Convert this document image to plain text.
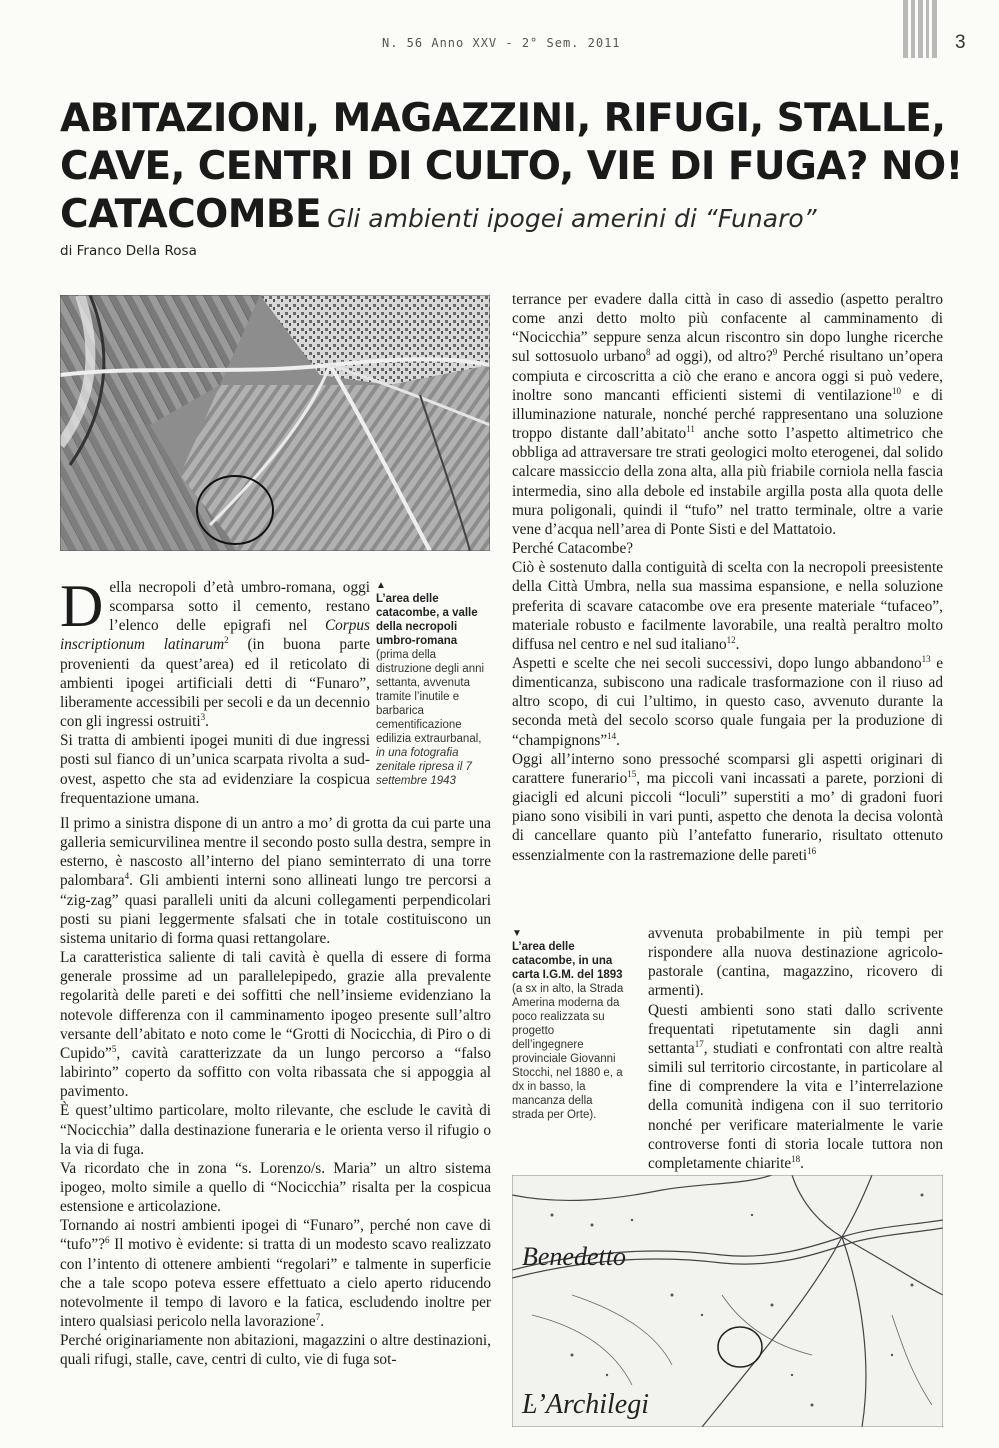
N. 56 Anno XXV - 2° Sem. 2011	3
ABITAZIONI, MAGAZZINI, RIFUGI, STALLE,
CAVE, CENTRI DI CULTO, VIE DI FUGA? NO!
CATACOMBE Gli ambienti ipogei amerini di “Funaro”
di Franco Della Rosa
▲
L’area delle catacombe, a valle della necropoli umbro-romana (prima della distruzione degli anni settanta, avvenuta tramite l’inutile e barbarica cementificazione edilizia extraurbanal, in una fotografia zenitale ripresa il 7 settembre 1943

Della necropoli d’età umbro-romana, oggi scomparsa sotto il cemento, restano l’elenco delle epigrafi nel Corpus inscriptionum latinarum$^2$ (in buona parte provenienti da quest’area) ed il reticolato di ambienti ipogei artificiali detti di “Funaro”, liberamente accessibili per secoli e da un decennio con gli ingressi ostruiti$^3$.

Si tratta di ambienti ipogei muniti di due ingressi posti sul fianco di un’unica scarpata rivolta a sud-ovest, aspetto che sta ad evidenziare la cospicua frequentazione umana.

Il primo a sinistra dispone di un antro a mo’ di grotta da cui parte una galleria semicurvilinea mentre il secondo posto sulla destra, sempre in esterno, è nascosto all’interno del piano seminterrato di una torre palombara$^4$. Gli ambienti interni sono allineati lungo tre percorsi a “zig-zag” quasi paralleli uniti da alcuni collegamenti perpendicolari posti su piani leggermente sfalsati che in totale costituiscono un sistema unitario di forma quasi rettangolare.

La caratteristica saliente di tali cavità è quella di essere di forma generale prossime ad un parallelepipedo, grazie alla prevalente regolarità delle pareti e dei soffitti che nell’insieme evidenziano la notevole differenza con il camminamento ipogeo presente sull’altro versante dell’abitato e noto come le “Grotti di Nocicchia, di Piro o di Cupido”$^5$, cavità caratterizzate da un lungo percorso a “falso labirinto” coperto da soffitto con volta ribassata che si appoggia al pavimento.

È quest’ultimo particolare, molto rilevante, che esclude le cavità di “Nocicchia” dalla destinazione funeraria e le orienta verso il rifugio o la via di fuga.

Va ricordato che in zona “s. Lorenzo/s. Maria” un altro sistema ipogeo, molto simile a quello di “Nocicchia” risalta per la cospicua estensione e articolazione.

Tornando ai nostri ambienti ipogei di “Funaro”, perché non cave di “tufo”?$^6$ Il motivo è evidente: si tratta di un modesto scavo realizzato con l’intento di ottenere ambienti “regolari” e talmente in superficie che a tale scopo poteva essere effettuato a cielo aperto riducendo notevolmente il tempo di lavoro e la fatica, escludendo inoltre per intero qualsiasi pericolo nella lavorazione$^7$.

Perché originariamente non abitazioni, magazzini o altre destinazioni, quali rifugi, stalle, cave, centri di culto, vie di fuga sot-

terrance per evadere dalla città in caso di assedio (aspetto peraltro come anzi detto molto più confacente al camminamento di “Nocicchia” seppure senza alcun riscontro sin dopo lunghe ricerche sul sottosuolo urbano$^8$ ad oggi), od altro?$^9$ Perché risultano un’opera compiuta e circoscritta a ciò che erano e ancora oggi si può vedere, inoltre sono mancanti efficienti sistemi di ventilazione$^{10}$ e di illuminazione naturale, nonché perché rappresentano una soluzione troppo distante dall’abitato$^{11}$ anche sotto l’aspetto altimetrico che obbliga ad attraversare tre strati geologici molto eterogenei, dal solido calcare massiccio della zona alta, alla più friabile corniola nella fascia intermedia, sino alla debole ed instabile argilla posta alla quota delle mura poligonali, quindi il “tufo” nel tratto terminale, oltre a varie vene d’acqua nell’area di Ponte Sisti e del Mattatoio.

Perché Catacombe?

Ciò è sostenuto dalla contiguità di scelta con la necropoli preesistente della Città Umbra, nella sua massima espansione, e nella soluzione preferita di scavare catacombe ove era presente materiale “tufaceo”, materiale robusto e facilmente lavorabile, una realtà peraltro molto diffusa nel centro e nel sud italiano$^{12}$.

Aspetti e scelte che nei secoli successivi, dopo lungo abbandono$^{13}$ e dimenticanza, subiscono una radicale trasformazione con il riuso ad altro scopo, di cui l’ultimo, in questo caso, avvenuto durante la seconda metà del secolo scorso quale fungaia per la produzione di “champignons”$^{14}$.

Oggi all’interno sono pressoché scomparsi gli aspetti originari di carattere funerario$^{15}$, ma piccoli vani incassati a parete, porzioni di giacigli ed alcuni piccoli “loculi” superstiti a mo’ di gradoni fuori piano sono visibili in vari punti, aspetto che denota la decisa volontà di cancellare quanto più l’antefatto funerario, risultato ottenuto essenzialmente con la rastremazione delle pareti$^{16}$

▼
L’area delle catacombe, in una carta I.G.M. del 1893 (a sx in alto, la Strada Amerina moderna da poco realizzata su progetto dell’ingegnere provinciale Giovanni Stocchi, nel 1880 e, a dx in basso, la mancanza della strada per Orte).

avvenuta probabilmente in più tempi per rispondere alla nuova destinazione agricolo-pastorale (cantina, magazzino, ricovero di armenti).

Questi ambienti sono stati dallo scrivente frequentati ripetutamente sin dagli anni settanta$^{17}$, studiati e confrontati con altre realtà simili sul territorio circostante, in particolare al fine di comprendere la vita e l’interrelazione della comunità indigena con il suo territorio nonché per verificare materialmente le varie controverse fonti di storia locale tuttora non completamente chiarite$^{18}$.

Benedetto
L’Archilegi
